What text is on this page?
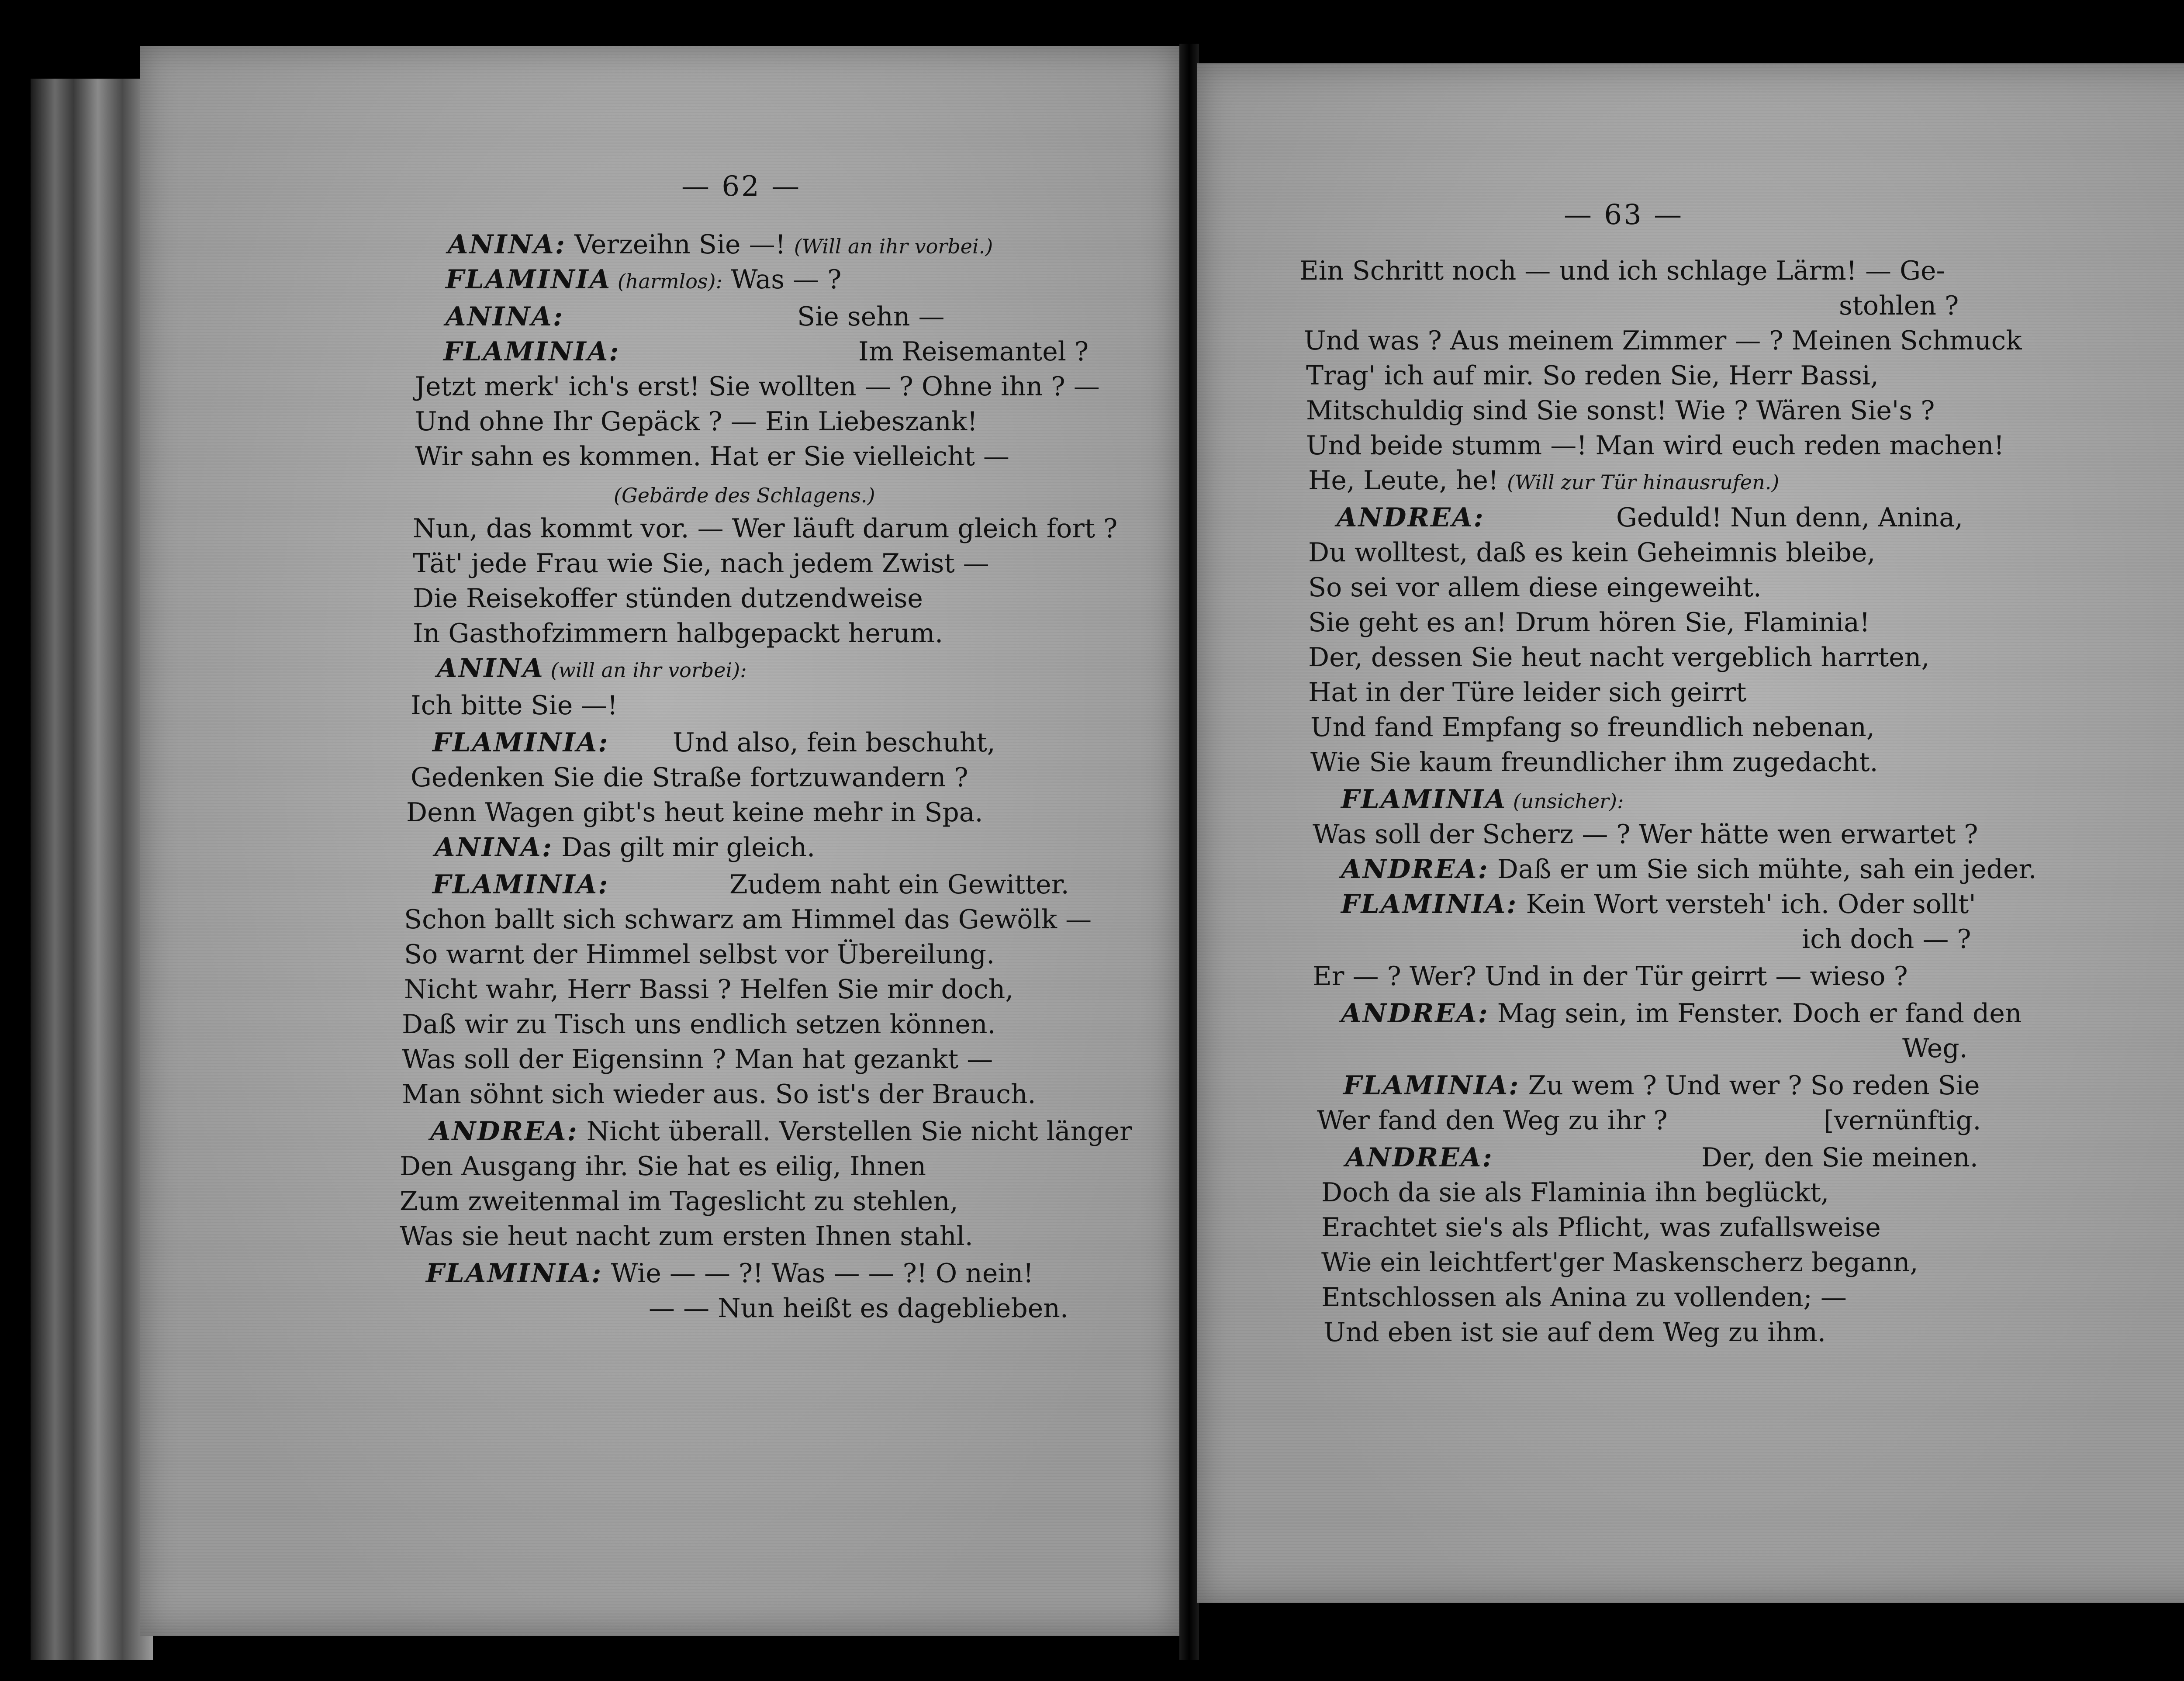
— 62 —
ANINA: Verzeihn Sie —! (Will an ihr vorbei.)
FLAMINIA (harmlos): Was — ?
ANINA:	Sie sehn —
FLAMINIA:	Im Reisemantel ?
Jetzt merk' ich's erst! Sie wollten — ? Ohne ihn ? —
Und ohne Ihr Gepäck ? — Ein Liebeszank!
Wir sahn es kommen. Hat er Sie vielleicht —
(Gebärde des Schlagens.)
Nun, das kommt vor. — Wer läuft darum gleich fort ?
Tät' jede Frau wie Sie, nach jedem Zwist —
Die Reisekoffer stünden dutzendweise
In Gasthofzimmern halbgepackt herum.
ANINA (will an ihr vorbei):
Ich bitte Sie —!
FLAMINIA: Und also, fein beschuht,
Gedenken Sie die Straße fortzuwandern ?
Denn Wagen gibt's heut keine mehr in Spa.
ANINA: Das gilt mir gleich.
FLAMINIA:	Zudem naht ein Gewitter.
Schon ballt sich schwarz am Himmel das Gewölk —
So warnt der Himmel selbst vor Übereilung.
Nicht wahr, Herr Bassi ? Helfen Sie mir doch,
Daß wir zu Tisch uns endlich setzen können.
Was soll der Eigensinn ? Man hat gezankt —
Man söhnt sich wieder aus. So ist's der Brauch.
ANDREA: Nicht überall. Verstellen Sie nicht länger
Den Ausgang ihr. Sie hat es eilig, Ihnen
Zum zweitenmal im Tageslicht zu stehlen,
Was sie heut nacht zum ersten Ihnen stahl.
FLAMINIA: Wie — — ?! Was — — ?! O nein!
— — Nun heißt es dageblieben.
— 63 —
Ein Schritt noch — und ich schlage Lärm! — Ge-
stohlen ?
Und was ? Aus meinem Zimmer — ? Meinen Schmuck
Trag' ich auf mir. So reden Sie, Herr Bassi,
Mitschuldig sind Sie sonst! Wie ? Wären Sie's ?
Und beide stumm —! Man wird euch reden machen!
He, Leute, he! (Will zur Tür hinausrufen.)
ANDREA:	Geduld! Nun denn, Anina,
Du wolltest, daß es kein Geheimnis bleibe,
So sei vor allem diese eingeweiht.
Sie geht es an! Drum hören Sie, Flaminia!
Der, dessen Sie heut nacht vergeblich harrten,
Hat in der Türe leider sich geirrt
Und fand Empfang so freundlich nebenan,
Wie Sie kaum freundlicher ihm zugedacht.
FLAMINIA (unsicher):
Was soll der Scherz — ? Wer hätte wen erwartet ?
ANDREA: Daß er um Sie sich mühte, sah ein jeder.
FLAMINIA: Kein Wort versteh' ich. Oder sollt'
ich doch — ?
Er — ? Wer? Und in der Tür geirrt — wieso ?
ANDREA: Mag sein, im Fenster. Doch er fand den
Weg.
FLAMINIA: Zu wem ? Und wer ? So reden Sie
Wer fand den Weg zu ihr ?	[vernünftig.
ANDREA:	Der, den Sie meinen.
Doch da sie als Flaminia ihn beglückt,
Erachtet sie's als Pflicht, was zufallsweise
Wie ein leichtfert'ger Maskenscherz begann,
Entschlossen als Anina zu vollenden; —
Und eben ist sie auf dem Weg zu ihm.
